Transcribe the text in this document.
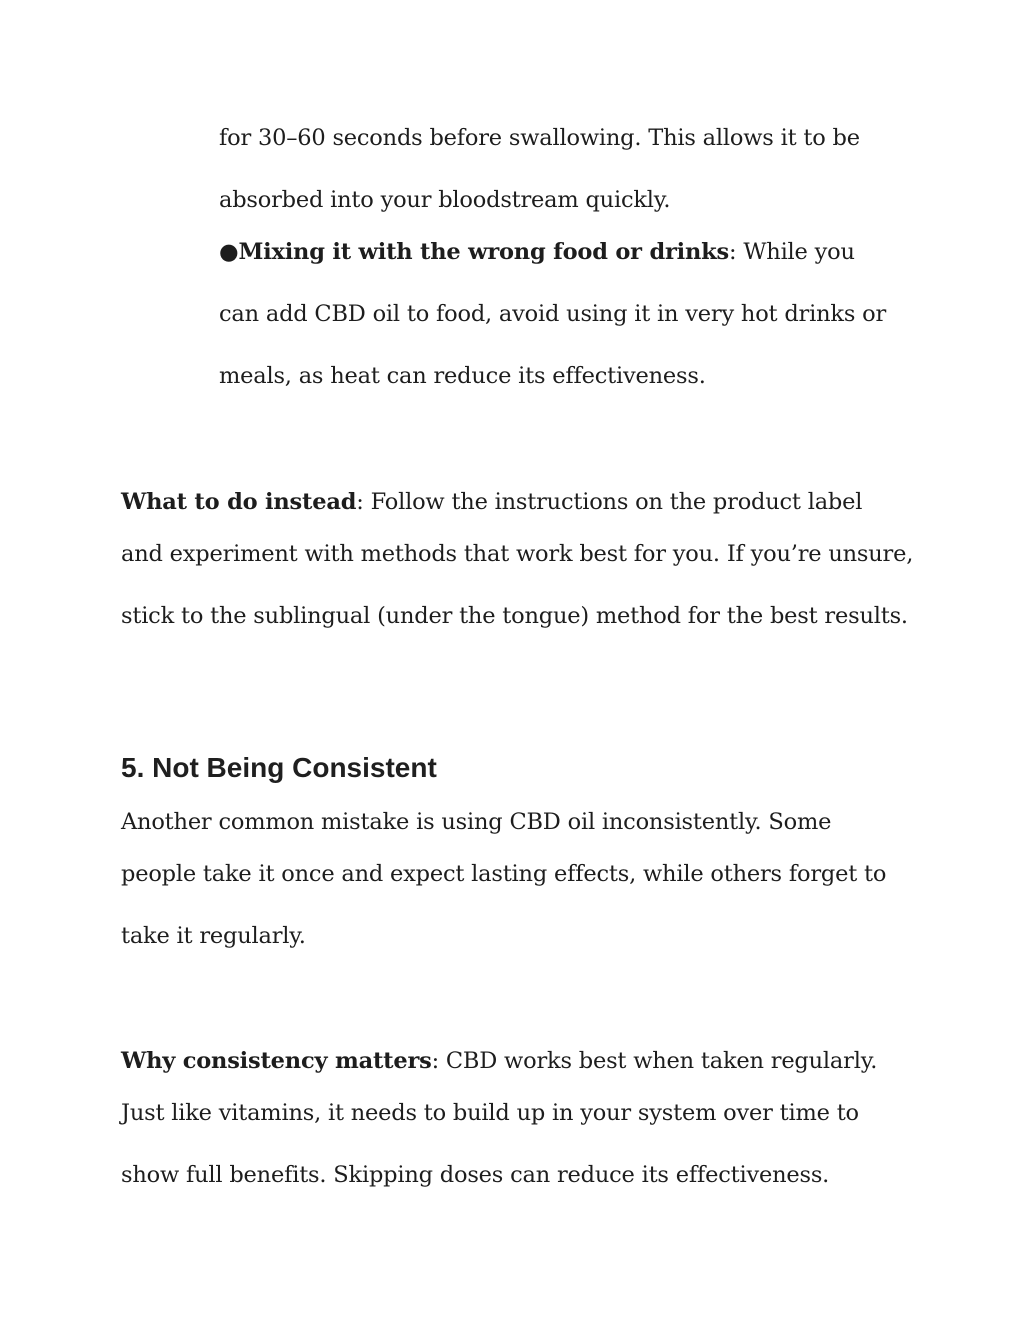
for 30–60 seconds before swallowing. This allows it to be
absorbed into your bloodstream quickly.
●Mixing it with the wrong food or drinks: While you
can add CBD oil to food, avoid using it in very hot drinks or
meals, as heat can reduce its effectiveness.
What to do instead: Follow the instructions on the product label
and experiment with methods that work best for you. If you’re unsure,
stick to the sublingual (under the tongue) method for the best results.
5. Not Being Consistent
Another common mistake is using CBD oil inconsistently. Some
people take it once and expect lasting effects, while others forget to
take it regularly.
Why consistency matters: CBD works best when taken regularly.
Just like vitamins, it needs to build up in your system over time to
show full benefits. Skipping doses can reduce its effectiveness.
